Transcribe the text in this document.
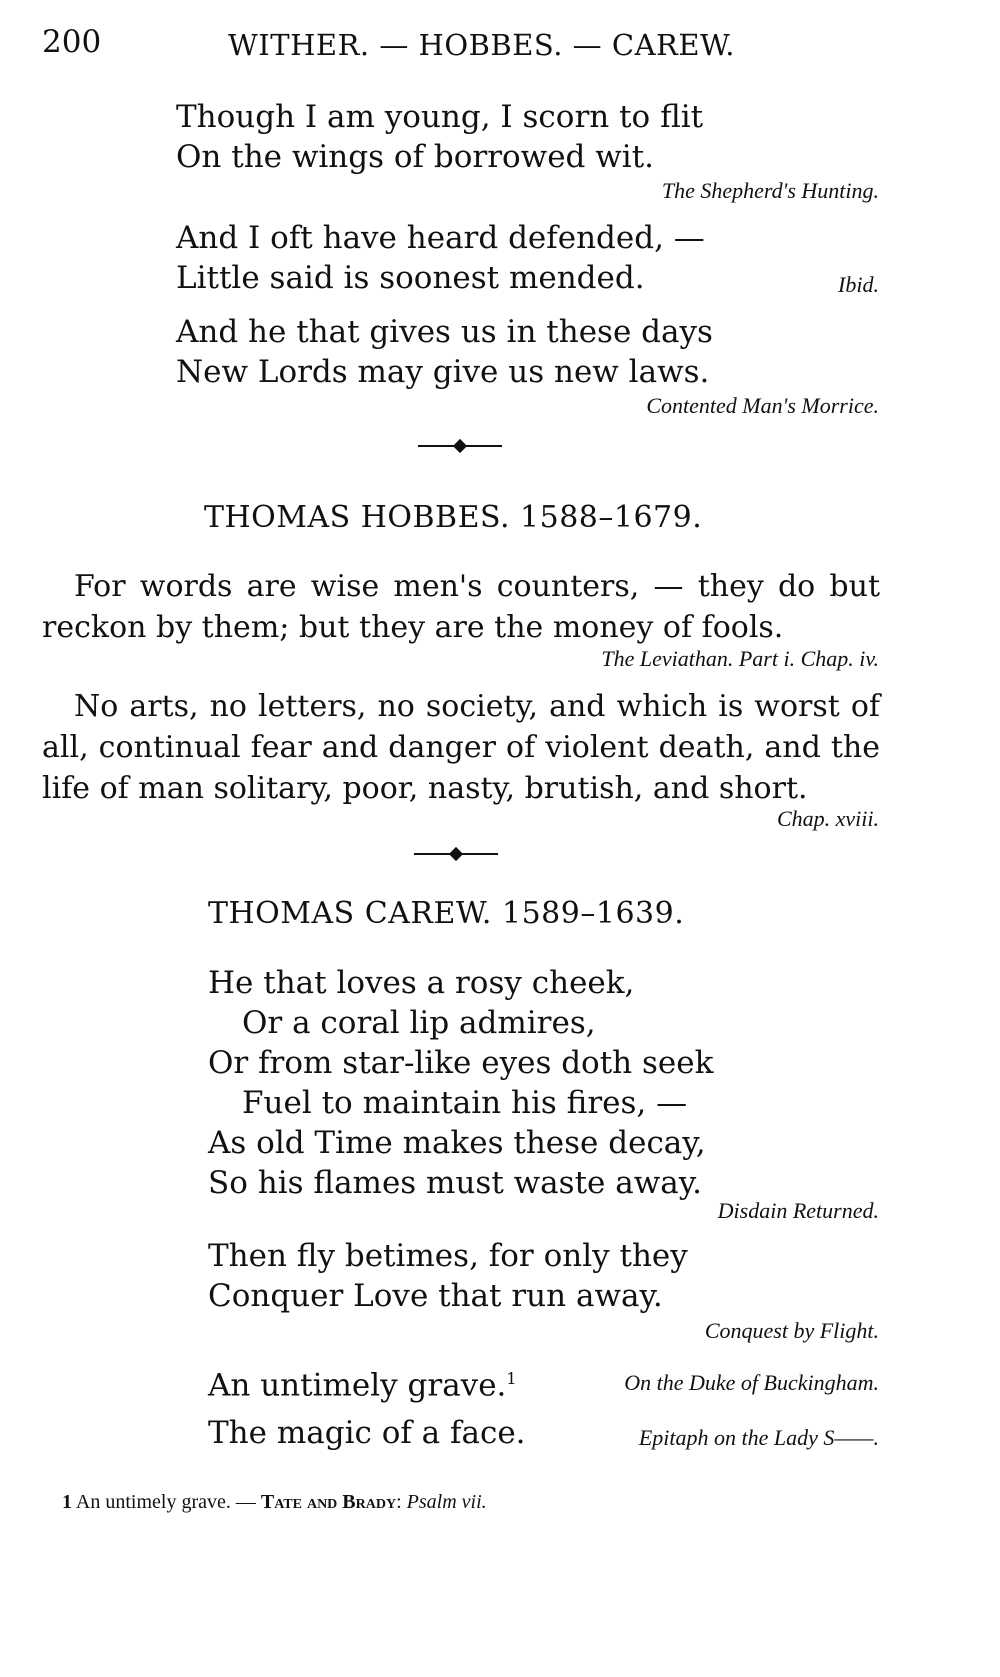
200	WITHER. — HOBBES. — CAREW.
Though I am young, I scorn to flit
On the wings of borrowed wit.
The Shepherd's Hunting.
And I oft have heard defended, —
Little said is soonest mended.	Ibid.
And he that gives us in these days
New Lords may give us new laws.
Contented Man's Morrice.
THOMAS HOBBES. 1588–1679.
For words are wise men's counters, — they do but
reckon by them; but they are the money of fools.
The Leviathan. Part i. Chap. iv.
No arts, no letters, no society, and which is worst of
all, continual fear and danger of violent death, and the
life of man solitary, poor, nasty, brutish, and short.
Chap. xviii.
THOMAS CAREW. 1589–1639.
He that loves a rosy cheek,
Or a coral lip admires,
Or from star-like eyes doth seek
Fuel to maintain his fires, —
As old Time makes these decay,
So his flames must waste away.
Disdain Returned.
Then fly betimes, for only they
Conquer Love that run away.
Conquest by Flight.
An untimely grave.$^1$	On the Duke of Buckingham.
The magic of a face.	Epitaph on the Lady S——.
1 An untimely grave. — Tate and Brady: Psalm vii.
